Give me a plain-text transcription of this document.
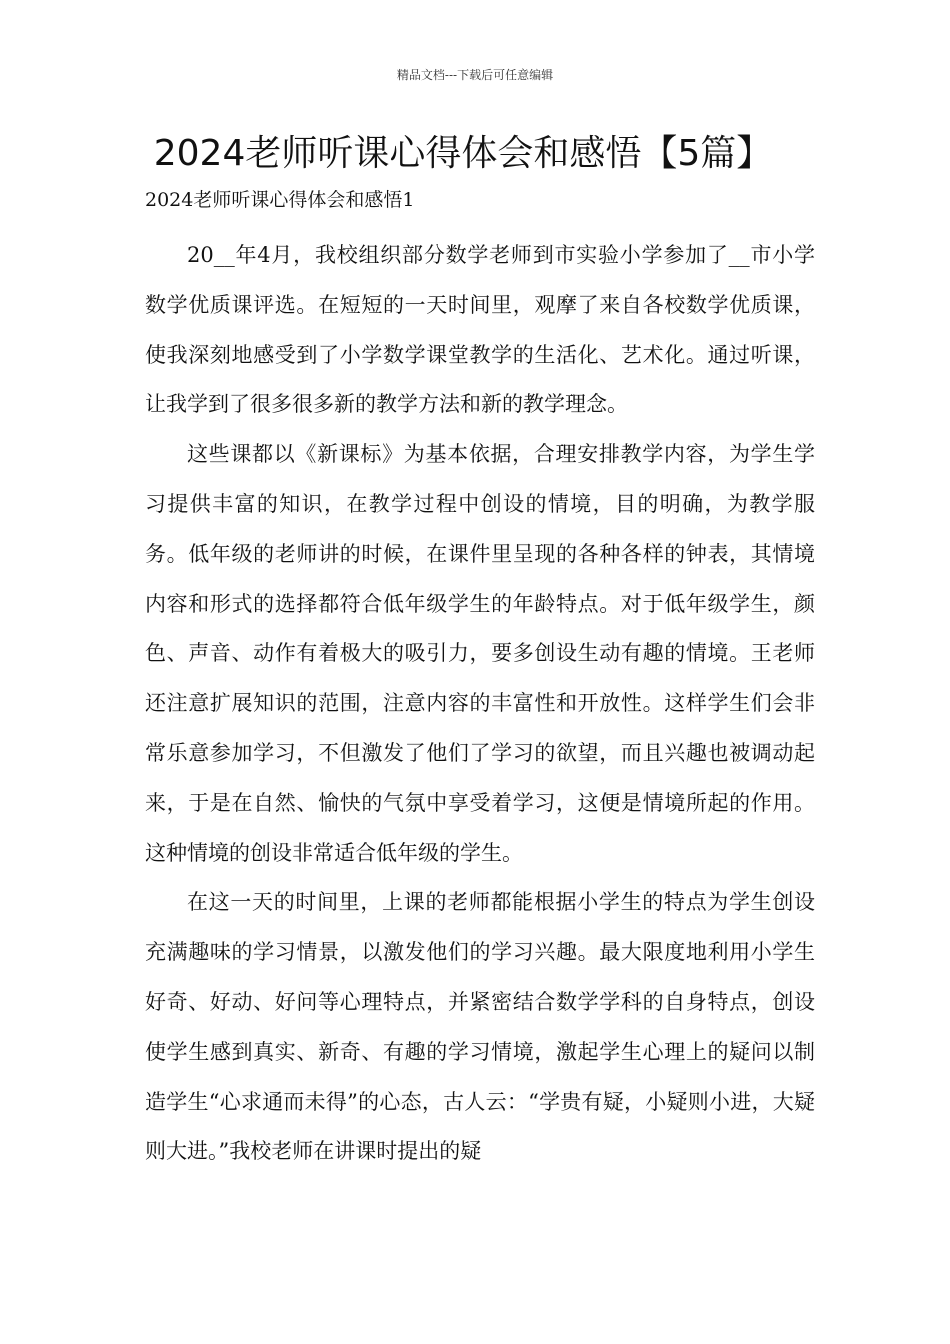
精品文档---下载后可任意编辑
2024老师听课心得体会和感悟【5篇】
2024老师听课心得体会和感悟1

20__年4月，我校组织部分数学老师到市实验小学参加了__市小学数学优质课评选。在短短的一天时间里，观摩了来自各校数学优质课，使我深刻地感受到了小学数学课堂教学的生活化、艺术化。通过听课，让我学到了很多很多新的教学方法和新的教学理念。

这些课都以《新课标》为基本依据，合理安排教学内容，为学生学习提供丰富的知识，在教学过程中创设的情境，目的明确，为教学服务。低年级的老师讲的时候，在课件里呈现的各种各样的钟表，其情境内容和形式的选择都符合低年级学生的年龄特点。对于低年级学生，颜色、声音、动作有着极大的吸引力，要多创设生动有趣的情境。王老师还注意扩展知识的范围，注意内容的丰富性和开放性。这样学生们会非常乐意参加学习，不但激发了他们了学习的欲望，而且兴趣也被调动起来，于是在自然、愉快的气氛中享受着学习，这便是情境所起的作用。这种情境的创设非常适合低年级的学生。

在这一天的时间里，上课的老师都能根据小学生的特点为学生创设充满趣味的学习情景，以激发他们的学习兴趣。最大限度地利用小学生好奇、好动、好问等心理特点，并紧密结合数学学科的自身特点，创设使学生感到真实、新奇、有趣的学习情境，激起学生心理上的疑问以制造学生“心求通而未得”的心态，古人云：“学贵有疑，小疑则小进，大疑则大进。”我校老师在讲课时提出的疑
